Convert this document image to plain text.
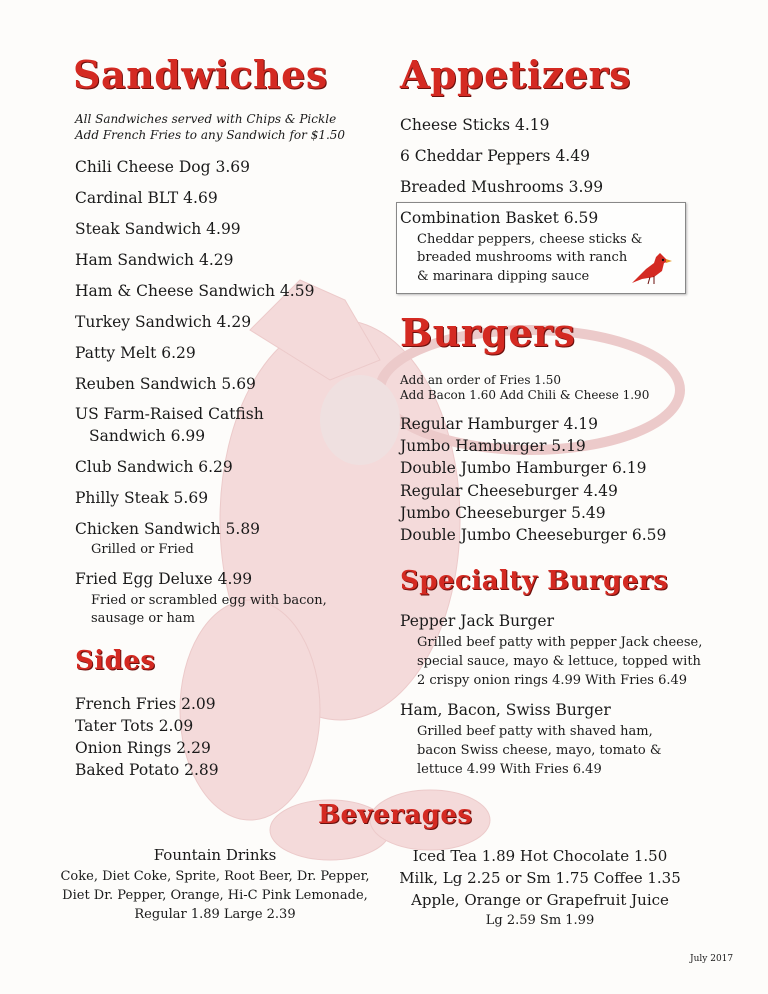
Sandwiches
All Sandwiches served with Chips & Pickle
Add French Fries to any Sandwich for $1.50
Chili Cheese Dog 3.69
Cardinal BLT 4.69
Steak Sandwich 4.99
Ham Sandwich 4.29
Ham & Cheese Sandwich 4.59
Turkey Sandwich 4.29
Patty Melt 6.29
Reuben Sandwich 5.69
US Farm-Raised Catfish
Sandwich 6.99
Club Sandwich 6.29
Philly Steak 5.69
Chicken Sandwich 5.89
Grilled or Fried
Fried Egg Deluxe 4.99
Fried or scrambled egg with bacon,
sausage or ham
Sides
French Fries 2.09
Tater Tots 2.09
Onion Rings 2.29
Baked Potato 2.89
Appetizers
Cheese Sticks 4.19
6 Cheddar Peppers 4.49
Breaded Mushrooms 3.99
Combination Basket 6.59
Cheddar peppers, cheese sticks &
breaded mushrooms with ranch
& marinara dipping sauce
Burgers
Add an order of Fries 1.50
Add Bacon 1.60 Add Chili & Cheese 1.90
Regular Hamburger 4.19
Jumbo Hamburger 5.19
Double Jumbo Hamburger 6.19
Regular Cheeseburger 4.49
Jumbo Cheeseburger 5.49
Double Jumbo Cheeseburger 6.59
Specialty Burgers
Pepper Jack Burger
Grilled beef patty with pepper Jack cheese,
special sauce, mayo & lettuce, topped with
2 crispy onion rings 4.99 With Fries 6.49
Ham, Bacon, Swiss Burger
Grilled beef patty with shaved ham,
bacon Swiss cheese, mayo, tomato &
lettuce 4.99 With Fries 6.49
Beverages
Fountain Drinks
Coke, Diet Coke, Sprite, Root Beer, Dr. Pepper,
Diet Dr. Pepper, Orange, Hi-C Pink Lemonade,
Regular 1.89 Large 2.39
Iced Tea 1.89 Hot Chocolate 1.50
Milk, Lg 2.25 or Sm 1.75 Coffee 1.35
Apple, Orange or Grapefruit Juice
Lg 2.59 Sm 1.99
July 2017
